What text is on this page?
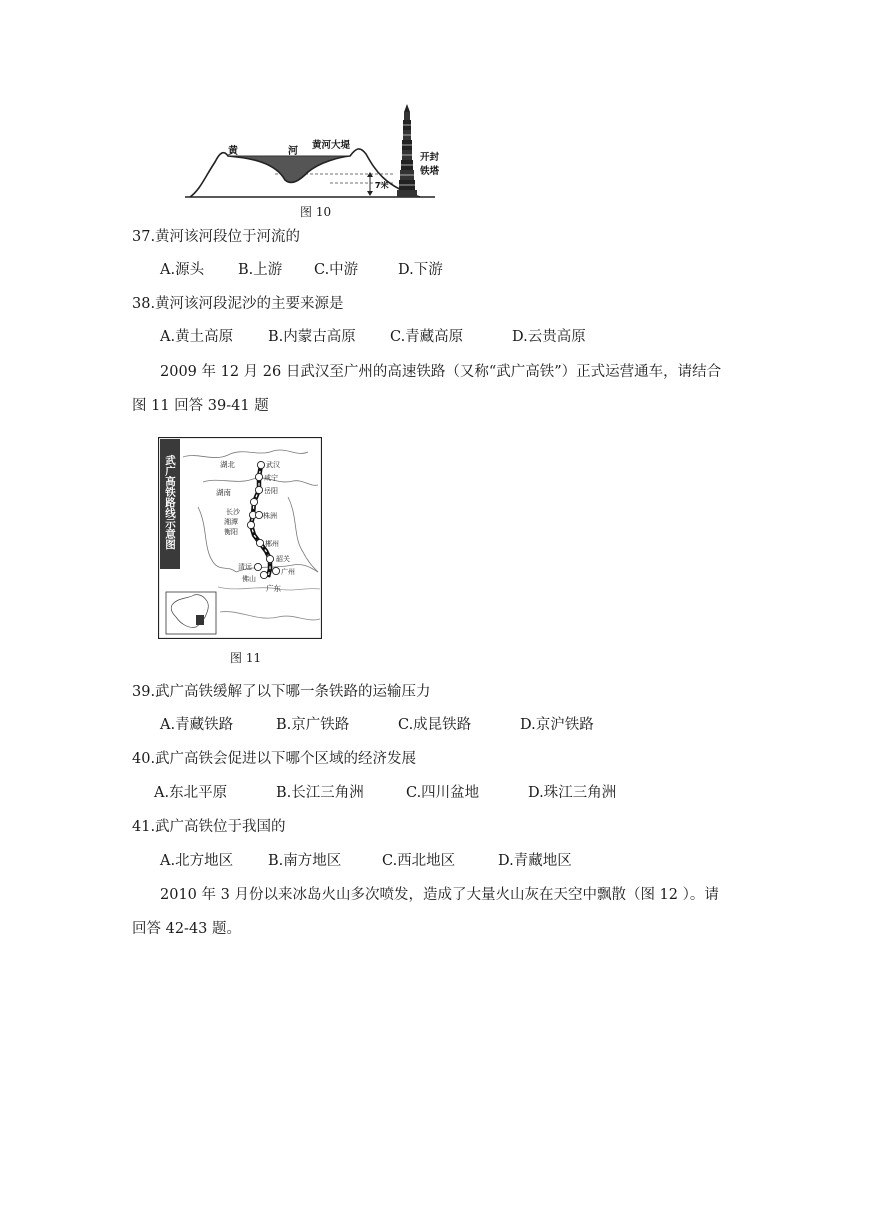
7米
黄	河
黄河大堤
开封
铁塔
图 10
37.黄河该河段位于河流的
A.源头 B.上游 C.中游	D.下游
38.黄河该河段泥沙的主要来源是
A.黄土高原 B.内蒙古高原 C.青藏高原	D.云贵高原
2009 年 12 月 26 日武汉至广州的高速铁路（又称“武广高铁”）正式运营通车，请结合
图 11 回答 39-41 题
武广高铁路线示意图	湖北
湖南
广东
武汉
咸宁
岳阳
长沙
湘潭
株洲
衡阳
郴州
韶关
清远
广州
佛山
图 11
39.武广高铁缓解了以下哪一条铁路的运输压力
A.青藏铁路	B.京广铁路	C.成昆铁路	D.京沪铁路
40.武广高铁会促进以下哪个区域的经济发展
A.东北平原	B.长江三角洲	C.四川盆地	D.珠江三角洲
41.武广高铁位于我国的
A.北方地区 B.南方地区	C.西北地区	D.青藏地区
2010 年 3 月份以来冰岛火山多次喷发，造成了大量火山灰在天空中飘散（图 12 ）。请
回答 42-43 题。
